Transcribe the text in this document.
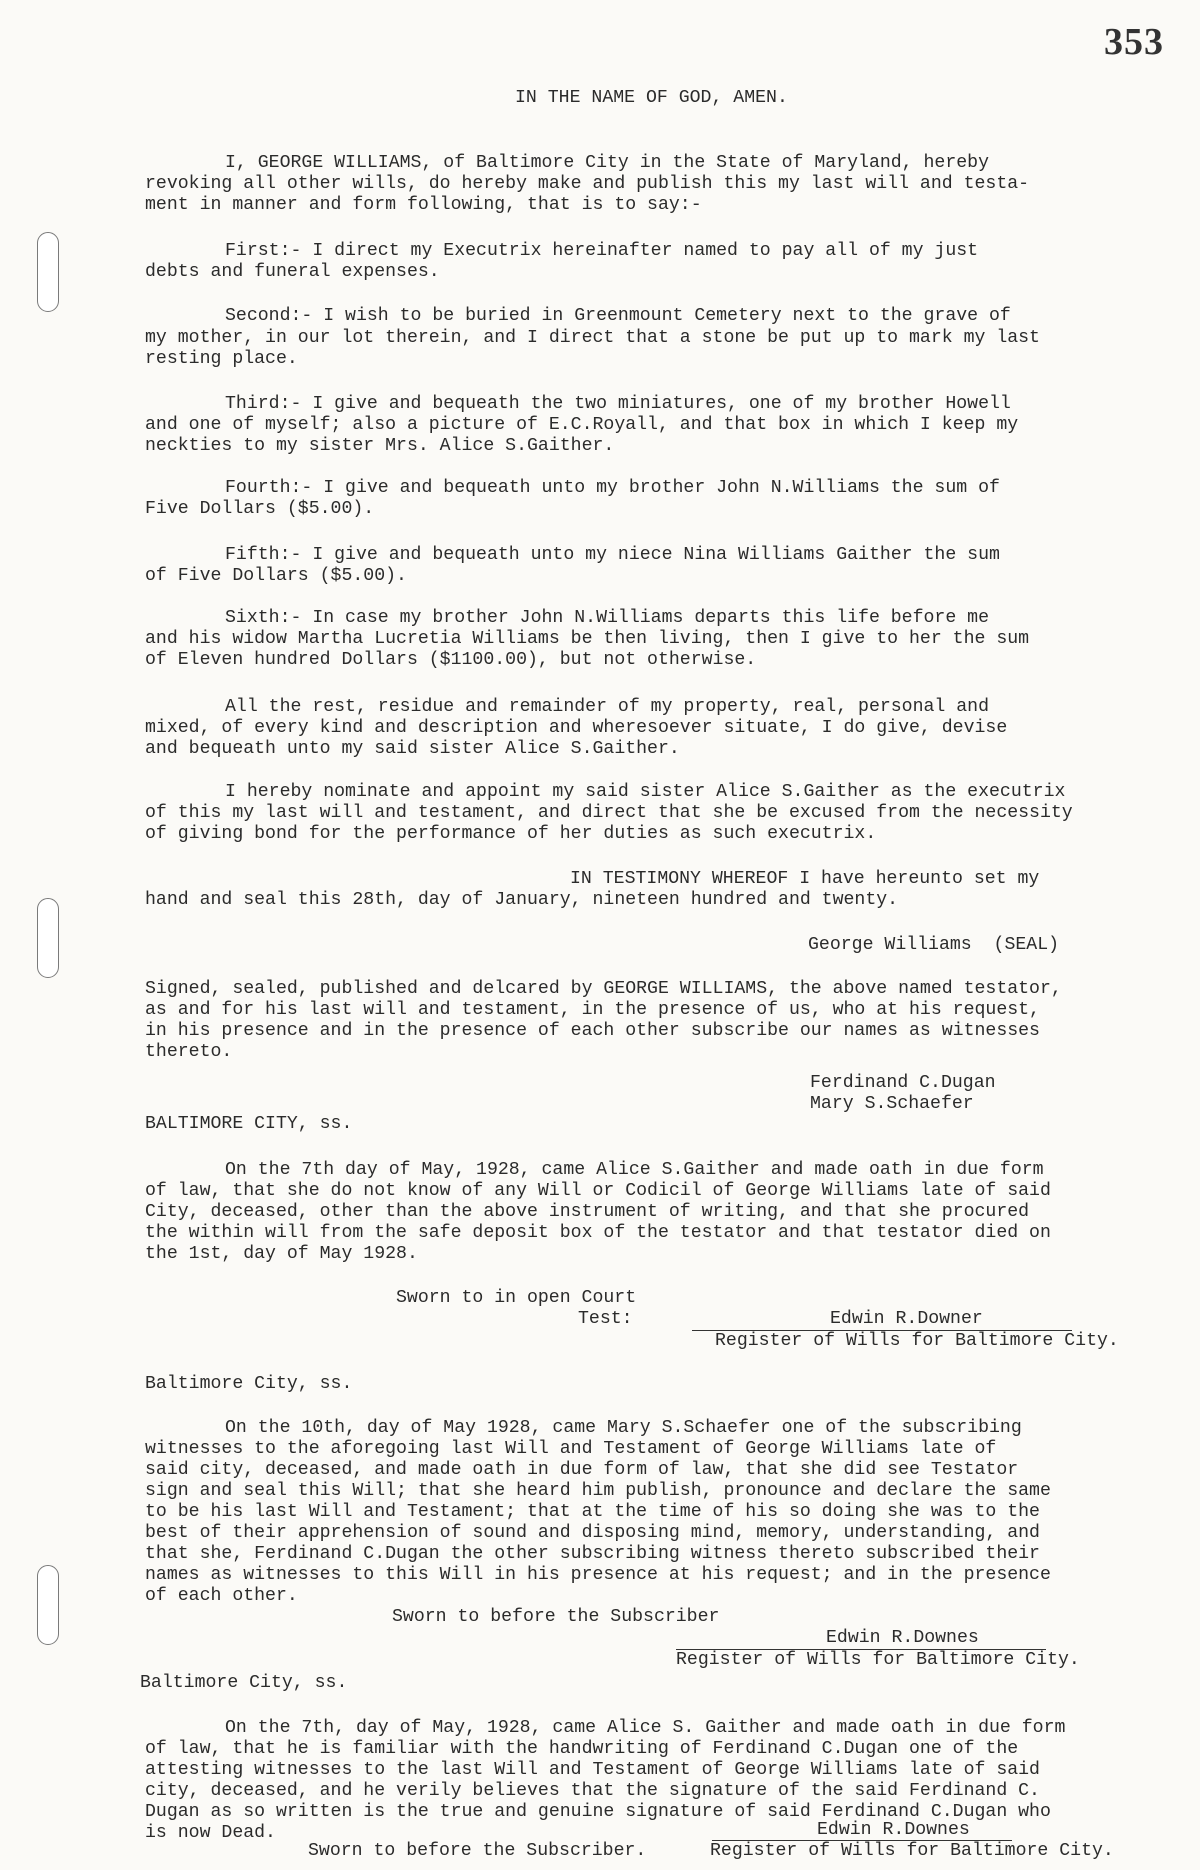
353
IN THE NAME OF GOD, AMEN.
I, GEORGE WILLIAMS, of Baltimore City in the State of Maryland, hereby
revoking all other wills, do hereby make and publish this my last will and testa-
ment in manner and form following, that is to say:-
First:- I direct my Executrix hereinafter named to pay all of my just
debts and funeral expenses.
Second:- I wish to be buried in Greenmount Cemetery next to the grave of
my mother, in our lot therein, and I direct that a stone be put up to mark my last
resting place.
Third:- I give and bequeath the two miniatures, one of my brother Howell
and one of myself; also a picture of E.C.Royall, and that box in which I keep my
neckties to my sister Mrs. Alice S.Gaither.
Fourth:- I give and bequeath unto my brother John N.Williams the sum of
Five Dollars ($5.00).
Fifth:- I give and bequeath unto my niece Nina Williams Gaither the sum
of Five Dollars ($5.00).
Sixth:- In case my brother John N.Williams departs this life before me
and his widow Martha Lucretia Williams be then living, then I give to her the sum
of Eleven hundred Dollars ($1100.00), but not otherwise.
All the rest, residue and remainder of my property, real, personal and
mixed, of every kind and description and wheresoever situate, I do give, devise
and bequeath unto my said sister Alice S.Gaither.
I hereby nominate and appoint my said sister Alice S.Gaither as the executrix
of this my last will and testament, and direct that she be excused from the necessity
of giving bond for the performance of her duties as such executrix.
IN TESTIMONY WHEREOF I have hereunto set my
hand and seal this 28th, day of January, nineteen hundred and twenty.
George Williams  (SEAL)
Signed, sealed, published and delcared by GEORGE WILLIAMS, the above named testator,
as and for his last will and testament, in the presence of us, who at his request,
in his presence and in the presence of each other subscribe our names as witnesses
thereto.
Ferdinand C.Dugan
Mary S.Schaefer
BALTIMORE CITY, ss.
On the 7th day of May, 1928, came Alice S.Gaither and made oath in due form
of law, that she do not know of any Will or Codicil of George Williams late of said
City, deceased, other than the above instrument of writing, and that she procured
the within will from the safe deposit box of the testator and that testator died on
the 1st, day of May 1928.
Sworn to in open Court
Test:	Edwin R.Downer
Register of Wills for Baltimore City.
Baltimore City, ss.
On the 10th, day of May 1928, came Mary S.Schaefer one of the subscribing
witnesses to the aforegoing last Will and Testament of George Williams late of
said city, deceased, and made oath in due form of law, that she did see Testator
sign and seal this Will; that she heard him publish, pronounce and declare the same
to be his last Will and Testament; that at the time of his so doing she was to the
best of their apprehension of sound and disposing mind, memory, understanding, and
that she, Ferdinand C.Dugan the other subscribing witness thereto subscribed their
names as witnesses to this Will in his presence at his request; and in the presence
of each other.
Sworn to before the Subscriber
Edwin R.Downes
Register of Wills for Baltimore City.
Baltimore City, ss.
On the 7th, day of May, 1928, came Alice S. Gaither and made oath in due form
of law, that he is familiar with the handwriting of Ferdinand C.Dugan one of the
attesting witnesses to the last Will and Testament of George Williams late of said
city, deceased, and he verily believes that the signature of the said Ferdinand C.
Dugan as so written is the true and genuine signature of said Ferdinand C.Dugan who
is now Dead.	Edwin R.Downes
Sworn to before the Subscriber.	Register of Wills for Baltimore City.
